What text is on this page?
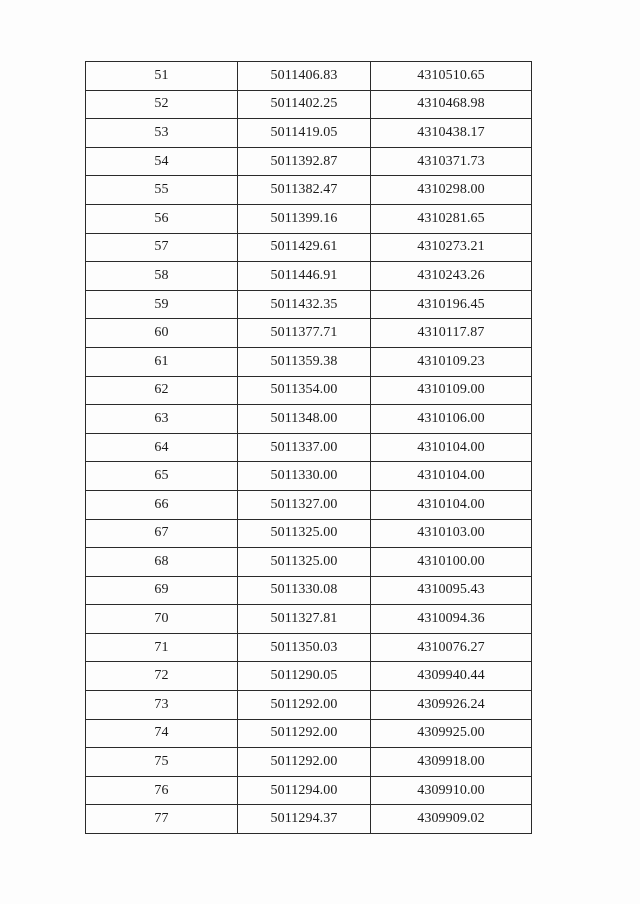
51	5011406.83	4310510.65
52	5011402.25	4310468.98
53	5011419.05	4310438.17
54	5011392.87	4310371.73
55	5011382.47	4310298.00
56	5011399.16	4310281.65
57	5011429.61	4310273.21
58	5011446.91	4310243.26
59	5011432.35	4310196.45
60	5011377.71	4310117.87
61	5011359.38	4310109.23
62	5011354.00	4310109.00
63	5011348.00	4310106.00
64	5011337.00	4310104.00
65	5011330.00	4310104.00
66	5011327.00	4310104.00
67	5011325.00	4310103.00
68	5011325.00	4310100.00
69	5011330.08	4310095.43
70	5011327.81	4310094.36
71	5011350.03	4310076.27
72	5011290.05	4309940.44
73	5011292.00	4309926.24
74	5011292.00	4309925.00
75	5011292.00	4309918.00
76	5011294.00	4309910.00
77	5011294.37	4309909.02
